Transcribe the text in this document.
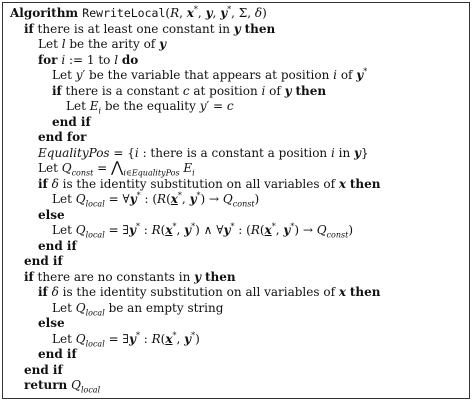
Algorithm RewriteLocal(R, x*, y, y*, Σ, δ)
if there is at least one constant in y then
Let l be the arity of y
for i := 1 to l do
Let y′ be the variable that appears at position i of y*
if there is a constant c at position i of y then
Let $E_i$ be the equality y′ = c
end if
end for
EqualityPos = {i : there is a constant a position i in y}
Let $Q_{const}$ = $⋀_{i\in EqualityPos}$ $E_i$
if δ is the identity substitution on all variables of x then
Let $Q_{local}$ = ∀y* : (R(x*, $y^*) \to Q_{const}$)
else
Let $Q_{local}$ = ∃y* : R(x*, y*) ∧ ∀y* : (R(x*, $y^*) \to Q_{const}$)
end if
end if
if there are no constants in y then
if δ is the identity substitution on all variables of x then
Let $Q_{local}$ be an empty string
else
Let $Q_{local}$ = ∃y* : R(x*, y*)
end if
end if
return $Q_{local}$
